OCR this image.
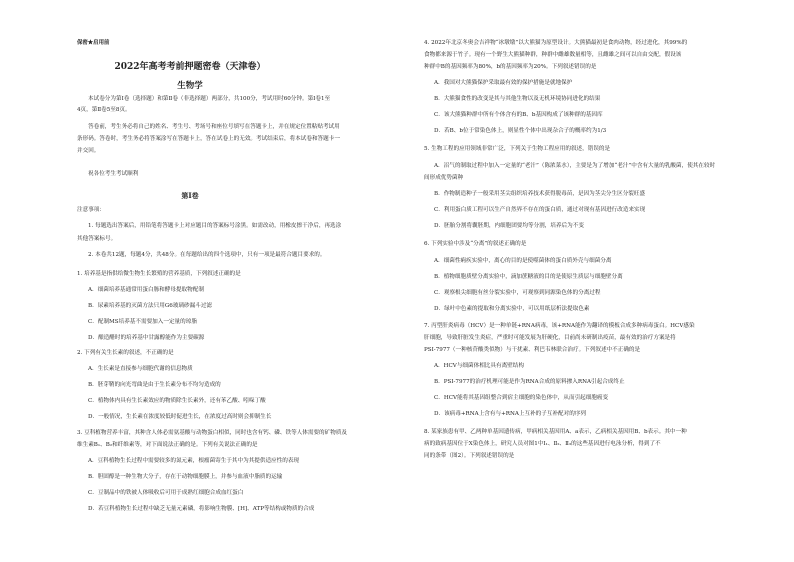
保密★启用前
2022年高考考前押题密卷（天津卷）
生物学
本试卷分为第Ⅰ卷（选择题）和第Ⅱ卷（非选择题）两部分，共100分，考试用时60分钟。第Ⅰ卷1至
4页，第Ⅱ卷5至8页。
答卷前，考生务必将自己的姓名、考生号、考场号和座位号填写在答题卡上，并在规定位置粘贴考试用
条形码。答卷时，考生务必将答案涂写在答题卡上，答在试卷上的无效。考试结束后，将本试卷和答题卡一
并交回。
祝各位考生考试顺利
第Ⅰ卷
注意事项：
1. 每题选出答案后，用铅笔将答题卡上对应题目的答案标号涂黑。如需改动，用橡皮擦干净后，再选涂
其他答案标号。
2. 本卷共12题，每题4分，共48分。在每题给出的四个选项中，只有一项是最符合题目要求的。
1. 培养基是指供给微生物生长繁殖的营养基质，下列叙述正确的是
A．细菌培养基通常用蛋白胨和酵母提取物配制
B．尿素培养基的灭菌方法只用G6玻璃砂漏斗过滤
C．配制MS培养基不需要加入一定量的琼脂
D．酿造醋时的培养基中甘露醇能作为主要碳源
2. 下列有关生长素的叙述，不正确的是
A．生长素是直接参与细胞代谢的信息物质
B．胚芽鞘的向光弯曲是由于生长素分布不均匀造成的
C．植物体内具有生长素效应的物质除生长素外，还有苯乙酸、吲哚丁酸
D．一般情况，生长素在浓度较低时促进生长，在浓度过高时则会抑制生长
3. 豆科植物营养丰富，其种含人体必需氨基酸与动物蛋白相似，同时也含有钙、磷、铁等人体需要的矿物质及
维生素B₁、B₂和纤维素等，对下面说法正确的是。下列有关说法正确的是
A．豆科植物生长过程中需要较多的氮元素，根瘤菌寄生于其中为其提供适应性的表现
B．胆固醇是一种生物大分子，存在于动物细胞膜上，并参与血液中脂质的运输
C．豆制品中的铁被人体吸收后可用于成熟红细胞合成血红蛋白
D．若豆科植物生长过程中缺乏无量元素磷，将影响生物膜、[H]、ATP等结构或物质的合成
4. 2022年北京冬奥会吉祥物“冰墩墩”以大熊猫为原型设计。大熊猫最初是食肉动物，经过进化，其99%的
食物都来源于竹子。现有一个野生大熊猫种群，种群中雌雄数量相等，且雌雄之间可以自由交配，假设该
种群中B的基因频率为80%，b的基因频率为20%。下列叙述错误的是
A．我国对大熊猫保护采取最有效的保护措施是就地保护
B．大熊猫食性的改变是其与其他生物以及无机环境协同进化的结果
C．该大熊猫种群中所有个体含有的B、b基因构成了该种群的基因库
D．若B、b位于常染色体上，则显性个体中出现杂合子的概率约为1/3
5. 生物工程的应用领域非常广泛，下列关于生物工程应用的叙述，错误的是
A．沼气的制取过程中加入一定量的“老汁”（陈浓菜水），主要是为了增加“老汁”中含有大量的乳酸菌，使其在较时
间形成优势菌种
B．作物制造种子一般采用茎尖组织培养技术获得脱毒苗，是因为茎尖分生区分裂旺盛
C．利用蛋白质工程可以生产自然界不存在的蛋白质，通过对现有基因进行改造来实现
D．胚胎分割将囊胚期，内细胞团要均等分割，培养后为不变
6. 下列实验中涉及“分离”的叙述正确的是
A．细菌性痢疾实验中，离心的目的是使噬菌体的蛋白质外壳与细菌分离
B．植物细胞质壁分离实验中，滴加蔗糖液的目的是使原生质层与细胞壁分离
C．观察根尖细胞有丝分裂实验中，可观察到同源染色体的分离过程
D．绿叶中色素的提取和分离实验中，可以用纸层析法提取色素
7. 丙型肝炎病毒（HCV）是一种单链+RNA病毒，该+RNA能作为翻译的模板合成多种病毒蛋白。HCV感染
肝细胞，导致肝脏发生炎症，严重时可能发展为肝硬化，目前尚未研制出疫苗，最有效的治疗方案是将
PSI-7977（一种核苷酸类似物）与干扰素、利巴韦林联合治疗。下列叙述中不正确的是
A．HCV与细菌体相比具有离壁结构
B．PSI-7977的治疗机理可能是作为RNA合成的原料掺入RNA引起合成终止
C．HCV能将其基因组整合到宿主细胞的染色体中，从而引起细胞癌变
D．该病毒+RNA上含有与+RNA上互补的子互补配对的序列
8. 某家族患有甲、乙两种单基因遗传病，甲病相关基因用A、a表示，乙病相关基因用B、b表示。其中一种
病的致病基因位于X染色体上，研究人员对图1中Ⅰ₁、Ⅱ₂、Ⅱ₃的这些基因进行电泳分析，得到了不
同的条带（图2）。下列叙述错误的是
